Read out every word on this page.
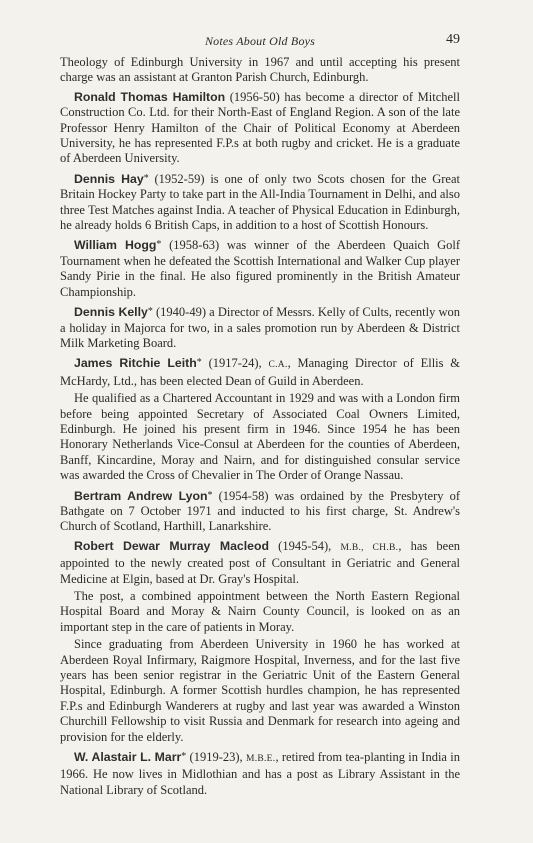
Notes About Old Boys	49

Theology of Edinburgh University in 1967 and until accepting his present charge was an assistant at Granton Parish Church, Edinburgh.

Ronald Thomas Hamilton (1956-50) has become a director of Mitchell Construction Co. Ltd. for their North-East of England Region. A son of the late Professor Henry Hamilton of the Chair of Political Economy at Aberdeen University, he has represented F.P.s at both rugby and cricket. He is a graduate of Aberdeen University.

Dennis Hay* (1952-59) is one of only two Scots chosen for the Great Britain Hockey Party to take part in the All-India Tournament in Delhi, and also three Test Matches against India. A teacher of Physical Education in Edinburgh, he already holds 6 British Caps, in addition to a host of Scottish Honours.

William Hogg* (1958-63) was winner of the Aberdeen Quaich Golf Tournament when he defeated the Scottish International and Walker Cup player Sandy Pirie in the final. He also figured prominently in the British Amateur Championship.

Dennis Kelly* (1940-49) a Director of Messrs. Kelly of Cults, recently won a holiday in Majorca for two, in a sales promotion run by Aberdeen & District Milk Marketing Board.

James Ritchie Leith* (1917-24), C.A., Managing Director of Ellis & McHardy, Ltd., has been elected Dean of Guild in Aberdeen.

He qualified as a Chartered Accountant in 1929 and was with a London firm before being appointed Secretary of Associated Coal Owners Limited, Edinburgh. He joined his present firm in 1946. Since 1954 he has been Honorary Netherlands Vice-Consul at Aberdeen for the counties of Aberdeen, Banff, Kincardine, Moray and Nairn, and for distinguished consular service was awarded the Cross of Chevalier in The Order of Orange Nassau.

Bertram Andrew Lyon* (1954-58) was ordained by the Presbytery of Bathgate on 7 October 1971 and inducted to his first charge, St. Andrew's Church of Scotland, Harthill, Lanarkshire.

Robert Dewar Murray Macleod (1945-54), M.B., CH.B., has been appointed to the newly created post of Consultant in Geriatric and General Medicine at Elgin, based at Dr. Gray's Hospital.

The post, a combined appointment between the North Eastern Regional Hospital Board and Moray & Nairn County Council, is looked on as an important step in the care of patients in Moray.

Since graduating from Aberdeen University in 1960 he has worked at Aberdeen Royal Infirmary, Raigmore Hospital, Inverness, and for the last five years has been senior registrar in the Geriatric Unit of the Eastern General Hospital, Edinburgh. A former Scottish hurdles champion, he has represented F.P.s and Edinburgh Wanderers at rugby and last year was awarded a Winston Churchill Fellowship to visit Russia and Denmark for research into ageing and provision for the elderly.

W. Alastair L. Marr* (1919-23), M.B.E., retired from tea-planting in India in 1966. He now lives in Midlothian and has a post as Library Assistant in the National Library of Scotland.
